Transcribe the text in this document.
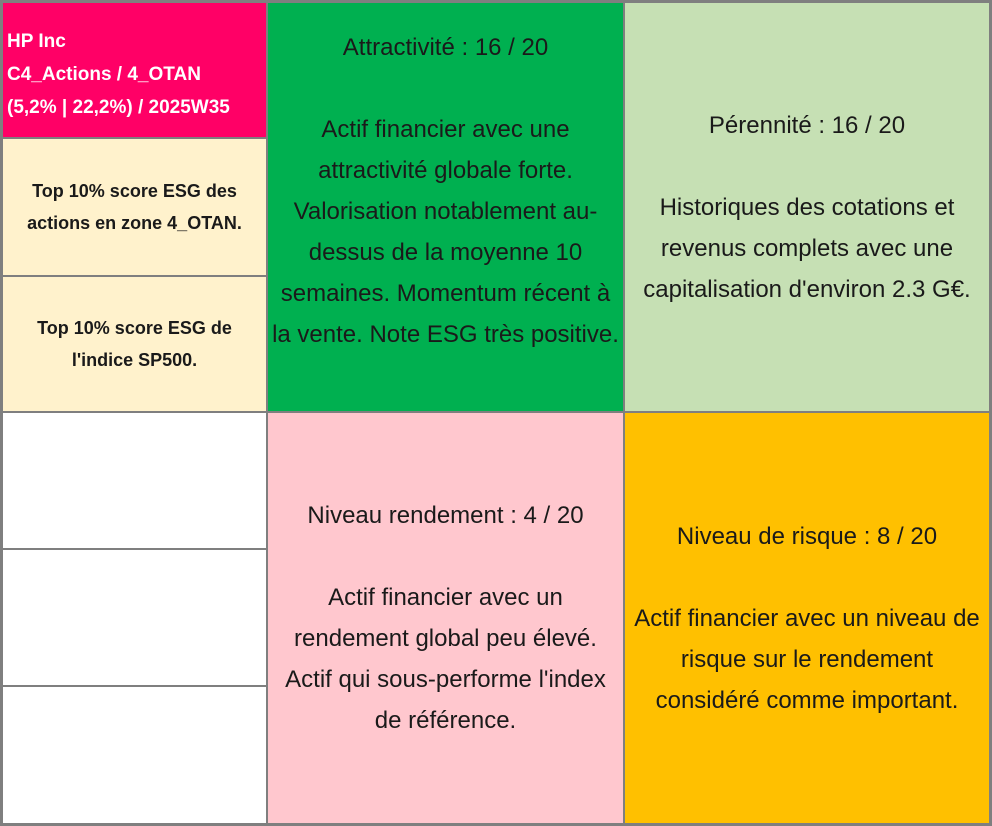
HP Inc
C4_Actions / 4_OTAN
(5,2% | 22,2%) / 2025W35
Top 10% score ESG des actions en zone 4_OTAN.
Top 10% score ESG de l'indice SP500.
Attractivité : 16 / 20
Actif financier avec une attractivité globale forte. Valorisation notablement au-dessus de la moyenne 10 semaines. Momentum récent à la vente. Note ESG très positive.
Pérennité : 16 / 20
Historiques des cotations et revenus complets avec une capitalisation d'environ 2.3 G€.
Niveau rendement : 4 / 20
Actif financier avec un rendement global peu élevé. Actif qui sous-performe l'index de référence.
Niveau de risque : 8 / 20
Actif financier avec un niveau de risque sur le rendement considéré comme important.
